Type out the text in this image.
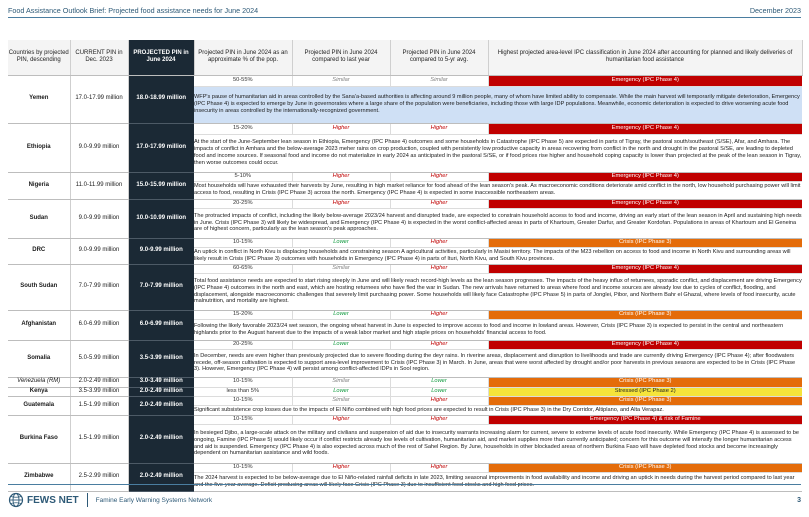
Food Assistance Outlook Brief: Projected food assistance needs for June 2024	December 2023
Countries by projected PIN, descending	CURRENT PIN in Dec. 2023	PROJECTED PIN in June 2024	Projected PIN in June 2024 as an approximate % of the pop.	Projected PIN in June 2024 compared to last year	Projected PIN in June 2024 compared to 5-yr avg.	Highest projected area-level IPC classification in June 2024 after accounting for planned and likely deliveries of humanitarian food assistance
Yemen	17.0-17.99 million	18.0-18.99 million	50-55%	Similar	Similar	Emergency (IPC Phase 4)
			WFP's pause of humanitarian aid in areas controlled by the Sana'a-based authorities is affecting around 9 million people, many of whom have limited ability to compensate. While the main harvest will temporarily mitigate deterioration, Emergency (IPC Phase 4) is expected to emerge by June in governorates where a large share of the population were beneficiaries, including those with large IDP populations. Meanwhile, economic deterioration is expected to drive worsening acute food insecurity in areas controlled by the internationally-recognized government.			
Ethiopia	9.0-9.99 million	17.0-17.99 million	15-20%	Higher	Higher	Emergency (IPC Phase 4)
			At the start of the June-September lean season in Ethiopia, Emergency (IPC Phase 4) outcomes and some households in Catastrophe (IPC Phase 5) are expected in parts of Tigray, the pastoral south/southeast (S/SE), Afar, and Amhara. The impacts of conflict in Amhara and the below-average 2023 meher rains on crop production, coupled with persistently low productive capacity in areas recovering from conflict in the north and drought in the pastoral S/SE, are leading to depleted food and income sources. If seasonal food and income do not materialize in early 2024 as anticipated in the pastoral S/SE, or if food prices rise higher and household coping capacity is lower than projected at the peak of the lean season in Tigray, then worse outcomes could occur.			
Nigeria	11.0-11.99 million	15.0-15.99 million	5-10%	Higher	Higher	Emergency (IPC Phase 4)
			Most households will have exhausted their harvests by June, resulting in high market reliance for food ahead of the lean season's peak. As macroeconomic conditions deteriorate amid conflict in the north, low household purchasing power will limit access to food, resulting in Crisis (IPC Phase 3) across the north. Emergency (IPC Phase 4) is expected in some inaccessible northeastern areas.			
Sudan	9.0-9.99 million	10.0-10.99 million	20-25%	Higher	Higher	Emergency (IPC Phase 4)
			The protracted impacts of conflict, including the likely below-average 2023/24 harvest and disrupted trade, are expected to constrain household access to food and income, driving an early start of the lean season in April and sustaining high needs in June. Crisis (IPC Phase 3) will likely be widespread, and Emergency (IPC Phase 4) is expected in the worst conflict-affected areas in parts of Khartoum, Greater Darfur, and Greater Kordofan. Populations in areas of Khartoum and El Geneina are of highest concern, particularly as the lean season's peak approaches.			
DRC	9.0-9.99 million	9.0-9.99 million	10-15%	Lower	Higher	Crisis (IPC Phase 3)
			An uptick in conflict in North Kivu is displacing households and constraining season A agricultural activities, particularly in Masisi territory. The impacts of the M23 rebellion on access to food and income in North Kivu and surrounding areas will likely result in Crisis (IPC Phase 3) outcomes with households in Emergency (IPC Phase 4) in parts of Ituri, North Kivu, and South Kivu provinces.			
South Sudan	7.0-7.99 million	7.0-7.99 million	60-65%	Similar	Higher	Emergency (IPC Phase 4)
			Total food assistance needs are expected to start rising steeply in June and will likely reach record-high levels as the lean season progresses. The impacts of the heavy influx of returnees, sporadic conflict, and displacement are driving Emergency (IPC Phase 4) outcomes in the north and east, which are hosting returnees who have fled the war in Sudan. The new arrivals have returned to areas where food and income sources are already low due to cycles of conflict, flooding, and displacement, alongside macroeconomic challenges that severely limit purchasing power. Some households will likely face Catastrophe (IPC Phase 5) in parts of Jonglei, Pibor, and Northern Bahr el Ghazal, where levels of food insecurity, acute malnutrition, and mortality are highest.			
Afghanistan	6.0-6.99 million	6.0-6.99 million	15-20%	Lower	Higher	Crisis (IPC Phase 3)
			Following the likely favorable 2023/24 wet season, the ongoing wheat harvest in June is expected to improve access to food and income in lowland areas. However, Crisis (IPC Phase 3) is expected to persist in the central and northeastern highlands prior to the August harvest due to the impacts of a weak labor market and high staple prices on households' financial access to food.			
Somalia	5.0-5.99 million	3.5-3.99 million	20-25%	Lower	Higher	Emergency (IPC Phase 4)
			In December, needs are even higher than previously projected due to severe flooding during the deyr rains. In riverine areas, displacement and disruption to livelihoods and trade are currently driving Emergency (IPC Phase 4); after floodwaters recede, off-season cultivation is expected to support area-level improvement to Crisis (IPC Phase 3) in March. In June, areas that were worst affected by drought and/or poor harvests in previous seasons are expected to be in Crisis (IPC Phase 3). However, Emergency (IPC Phase 4) will persist among conflict-affected IDPs in Sool region.			
Venezuela (RM)	2.0-2.49 million	3.0-3.49 million	10-15%	Similar	Lower	Crisis (IPC Phase 3)
Kenya	3.5-3.99 million	2.0-2.49 million	less than 5%	Lower	Lower	Stressed (IPC Phase 2)
Guatemala	1.5-1.99 million	2.0-2.49 million	10-15%	Similar	Higher	Crisis (IPC Phase 3)
			Significant subsistence crop losses due to the impacts of El Niño combined with high food prices are expected to result in Crisis (IPC Phase 3) in the Dry Corridor, Altiplano, and Alta Verapaz.			
Burkina Faso	1.5-1.99 million	2.0-2.49 million	10-15%	Higher	Higher	Emergency (IPC Phase 4) & risk of Famine
			In besieged Djibo, a large-scale attack on the military and civilians and suspension of aid due to insecurity warrants increasing alarm for current, severe to extreme levels of acute food insecurity. While Emergency (IPC Phase 4) is assessed to be ongoing, Famine (IPC Phase 5) would likely occur if conflict restricts already low levels of cultivation, humanitarian aid, and market supplies more than currently anticipated; concern for this outcome will intensify the longer humanitarian access and aid is suspended. Emergency (IPC Phase 4) is also expected across much of the rest of Sahel Region. By June, households in other blockaded areas of northern Burkina Faso will have depleted food stocks and become increasingly dependent on humanitarian assistance and wild foods.			
Zimbabwe	2.5-2.99 million	2.0-2.49 million	10-15%	Higher	Higher	Crisis (IPC Phase 3)
			The 2024 harvest is expected to be below-average due to El Niño-related rainfall deficits in late 2023, limiting seasonal improvements in food availability and income and driving an uptick in needs during the harvest period compared to last year and the five-year average. Deficit-producing areas will likely face Crisis (IPC Phase 3) due to insufficient food stocks and high food prices.			
FEWS NET	Famine Early Warning Systems Network	3
